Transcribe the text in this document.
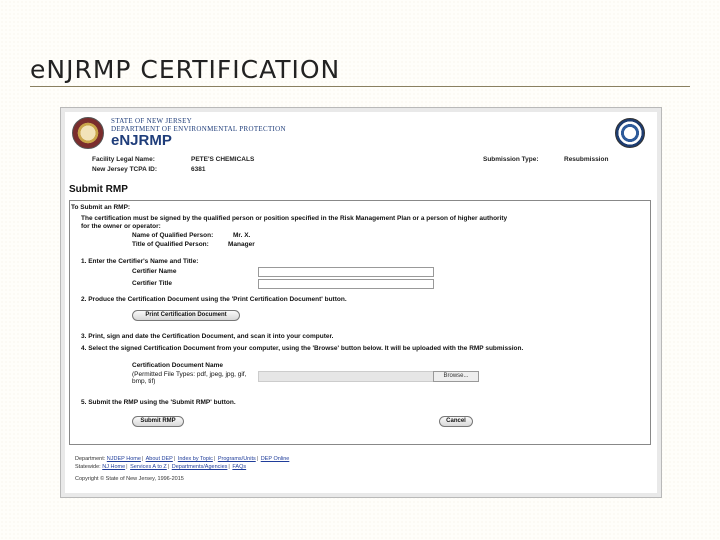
eNJRMP CERTIFICATION
STATE OF NEW JERSEY
DEPARTMENT OF ENVIRONMENTAL PROTECTION
eNJRMP
Facility Legal Name:	PETE'S CHEMICALS
New Jersey TCPA ID:	6381
Submission Type:	Resubmission
Submit RMP
To Submit an RMP:
The certification must be signed by the qualified person or position specified in the Risk Management Plan or a person of higher authority
for the owner or operator:
Name of Qualified Person:	Mr. X.
Title of Qualified Person:	Manager
1. Enter the Certifier's Name and Title:
Certifier Name
Certifier Title
2. Produce the Certification Document using the 'Print Certification Document' button.
Print Certification Document
3. Print, sign and date the Certification Document, and scan it into your computer.
4. Select the signed Certification Document from your computer, using the 'Browse' button below. It will be uploaded with the RMP submission.
Certification Document Name
(Permitted File Types: pdf, jpeg, jpg, gif,
bmp, tif)
Browse...
5. Submit the RMP using the 'Submit RMP' button.
Submit RMP	Cancel
Department: NJDEP Home| About DEP| Index by Topic| Programs/Units| DEP Online
Statewide: NJ Home| Services A to Z| Departments/Agencies| FAQs
Copyright © State of New Jersey, 1996-2015
